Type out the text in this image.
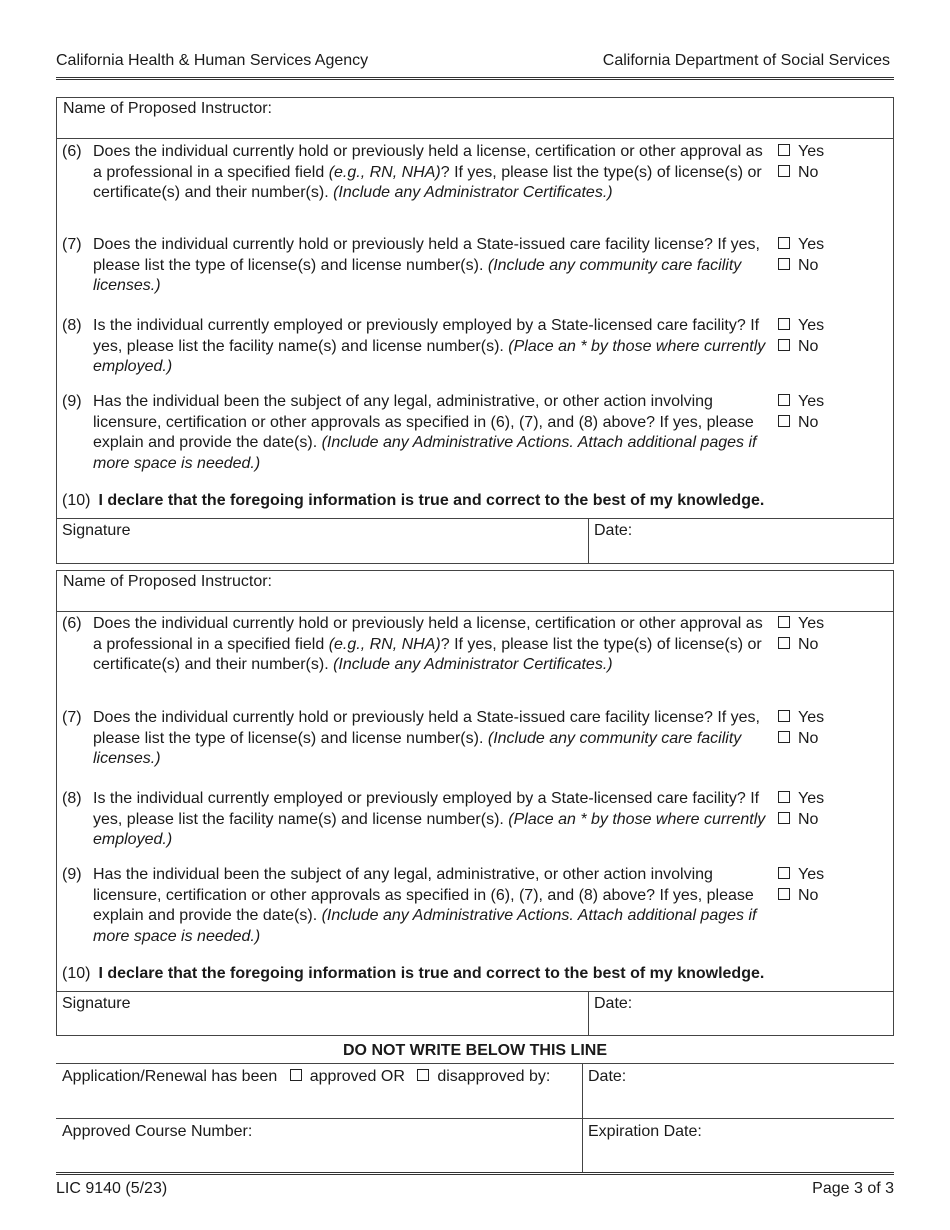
California Health & Human Services Agency	California Department of Social Services
Name of Proposed Instructor:
(6) Does the individual currently hold or previously held a license, certification or other approval as a professional in a specified field (e.g., RN, NHA)? If yes, please list the type(s) of license(s) or certificate(s) and their number(s). (Include any Administrator Certificates.)
Yes No
(7) Does the individual currently hold or previously held a State-issued care facility license? If yes, please list the type of license(s) and license number(s). (Include any community care facility licenses.)
Yes No
(8) Is the individual currently employed or previously employed by a State-licensed care facility? If yes, please list the facility name(s) and license number(s). (Place an * by those where currently employed.)
Yes No
(9) Has the individual been the subject of any legal, administrative, or other action involving licensure, certification or other approvals as specified in (6), (7), and (8) above? If yes, please explain and provide the date(s). (Include any Administrative Actions. Attach additional pages if more space is needed.)
Yes No
(10) I declare that the foregoing information is true and correct to the best of my knowledge.
Signature	Date:
Name of Proposed Instructor:
(6) Does the individual currently hold or previously held a license, certification or other approval as a professional in a specified field (e.g., RN, NHA)? If yes, please list the type(s) of license(s) or certificate(s) and their number(s). (Include any Administrator Certificates.)
Yes No
(7) Does the individual currently hold or previously held a State-issued care facility license? If yes, please list the type of license(s) and license number(s). (Include any community care facility licenses.)
Yes No
(8) Is the individual currently employed or previously employed by a State-licensed care facility? If yes, please list the facility name(s) and license number(s). (Place an * by those where currently employed.)
Yes No
(9) Has the individual been the subject of any legal, administrative, or other action involving licensure, certification or other approvals as specified in (6), (7), and (8) above? If yes, please explain and provide the date(s). (Include any Administrative Actions. Attach additional pages if more space is needed.)
Yes No
(10) I declare that the foregoing information is true and correct to the best of my knowledge.
Signature	Date:
DO NOT WRITE BELOW THIS LINE
Application/Renewal has been approved OR disapproved by: Date:
Approved Course Number:	Expiration Date:
LIC 9140 (5/23)	Page 3 of 3
